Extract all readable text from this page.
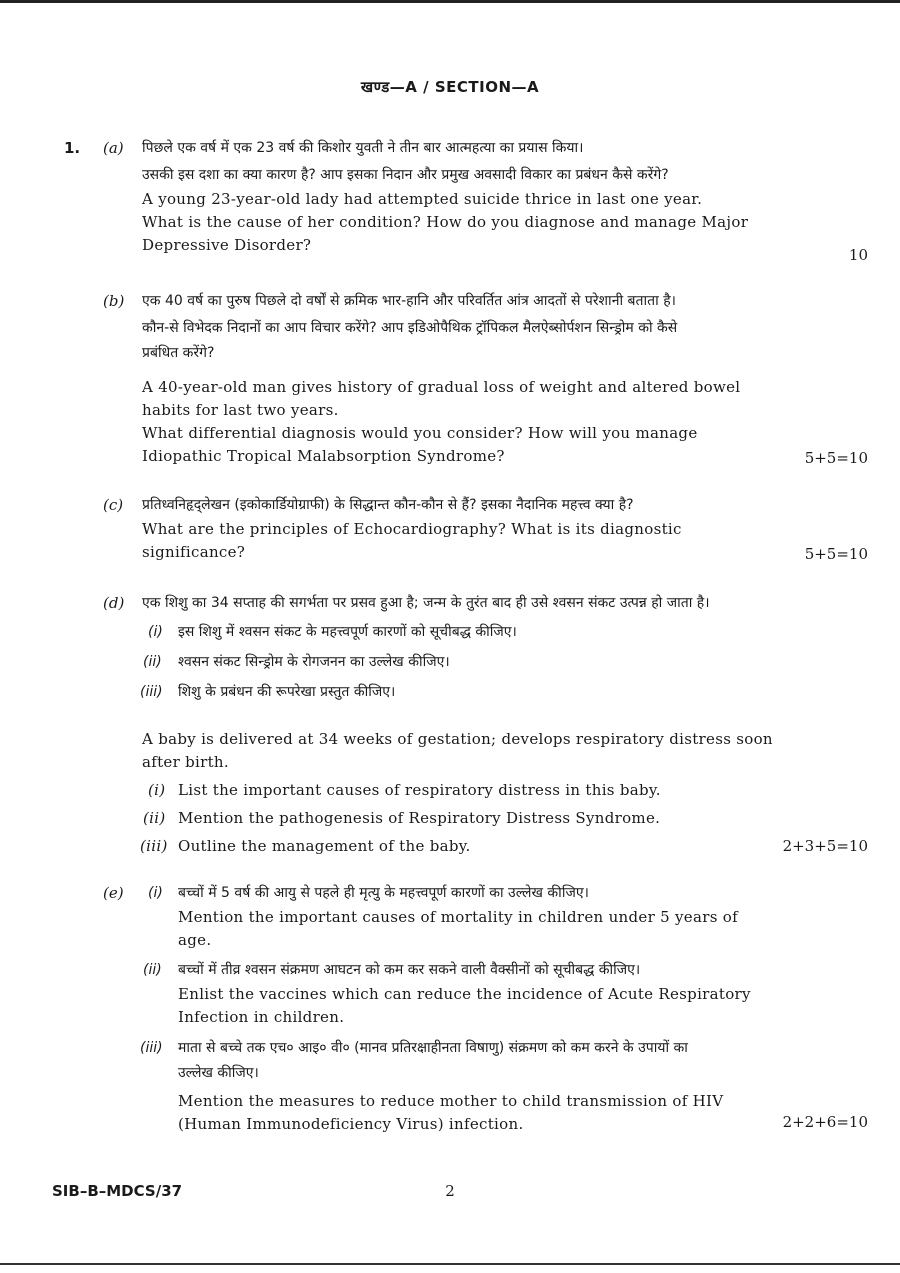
खण्ड—A / SECTION—A
1. (a) पिछले एक वर्ष में एक 23 वर्ष की किशोर युवती ने तीन बार आत्महत्या का प्रयास किया।
उसकी इस दशा का क्या कारण है? आप इसका निदान और प्रमुख अवसादी विकार का प्रबंधन कैसे करेंगे?
A young 23-year-old lady had attempted suicide thrice in last one year.
What is the cause of her condition? How do you diagnose and manage Major
Depressive Disorder?
10
(b) एक 40 वर्ष का पुरुष पिछले दो वर्षों से क्रमिक भार-हानि और परिवर्तित आंत्र आदतों से परेशानी बताता है।
कौन-से विभेदक निदानों का आप विचार करेंगे? आप इडिओपैथिक ट्रॉपिकल मैलऐब्सोर्पशन सिन्ड्रोम को कैसे
प्रबंधित करेंगे?
A 40-year-old man gives history of gradual loss of weight and altered bowel
habits for last two years.
What differential diagnosis would you consider? How will you manage
Idiopathic Tropical Malabsorption Syndrome?	5+5=10
(c) प्रतिध्वनिहृद्लेखन (इकोकार्डियोग्राफी) के सिद्धान्त कौन-कौन से हैं? इसका नैदानिक महत्त्व क्या है?
What are the principles of Echocardiography? What is its diagnostic
significance?	5+5=10
(d) एक शिशु का 34 सप्ताह की सगर्भता पर प्रसव हुआ है; जन्म के तुरंत बाद ही उसे श्वसन संकट उत्पन्न हो जाता है।
(i) इस शिशु में श्वसन संकट के महत्त्वपूर्ण कारणों को सूचीबद्ध कीजिए।
(ii) श्वसन संकट सिन्ड्रोम के रोगजनन का उल्लेख कीजिए।
(iii) शिशु के प्रबंधन की रूपरेखा प्रस्तुत कीजिए।
A baby is delivered at 34 weeks of gestation; develops respiratory distress soon
after birth.
(i) List the important causes of respiratory distress in this baby.
(ii) Mention the pathogenesis of Respiratory Distress Syndrome.
(iii) Outline the management of the baby.	2+3+5=10
(e) (i) बच्चों में 5 वर्ष की आयु से पहले ही मृत्यु के महत्त्वपूर्ण कारणों का उल्लेख कीजिए।
Mention the important causes of mortality in children under 5 years of
age.
(ii) बच्चों में तीव्र श्वसन संक्रमण आघटन को कम कर सकने वाली वैक्सीनों को सूचीबद्ध कीजिए।
Enlist the vaccines which can reduce the incidence of Acute Respiratory
Infection in children.
(iii) माता से बच्चे तक एच० आइ० वी० (मानव प्रतिरक्षाहीनता विषाणु) संक्रमण को कम करने के उपायों का
उल्लेख कीजिए।
Mention the measures to reduce mother to child transmission of HIV
(Human Immunodeficiency Virus) infection.	2+2+6=10
SIB–B–MDCS/37	2
